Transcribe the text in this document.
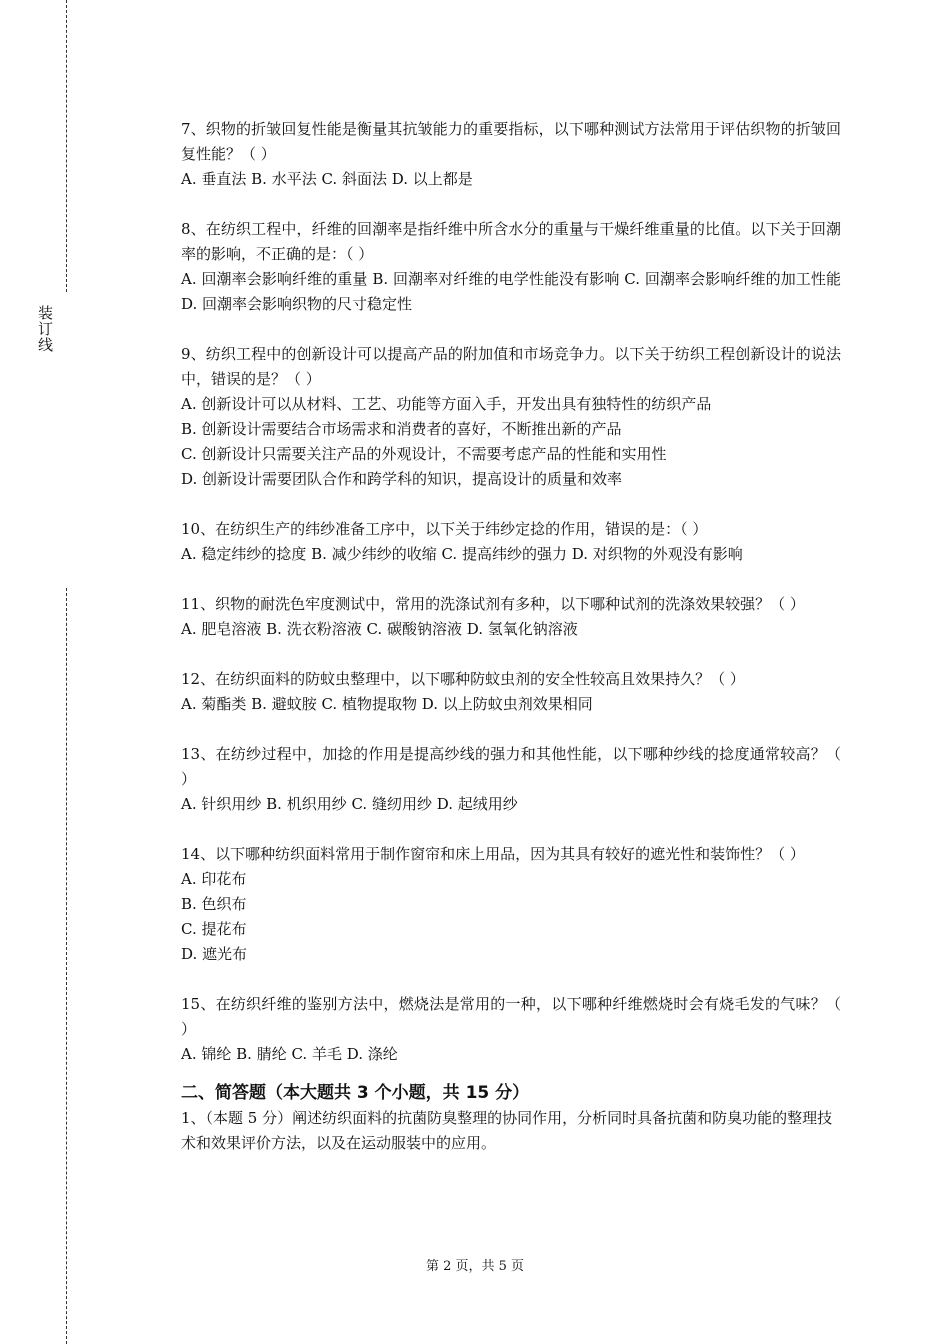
装订线

7、织物的折皱回复性能是衡量其抗皱能力的重要指标，以下哪种测试方法常用于评估织物的折皱回复性能？（ ）

A. 垂直法 B. 水平法 C. 斜面法 D. 以上都是

8、在纺织工程中，纤维的回潮率是指纤维中所含水分的重量与干燥纤维重量的比值。以下关于回潮率的影响，不正确的是：（ ）

A. 回潮率会影响纤维的重量 B. 回潮率对纤维的电学性能没有影响 C. 回潮率会影响纤维的加工性能 D. 回潮率会影响织物的尺寸稳定性

9、纺织工程中的创新设计可以提高产品的附加值和市场竞争力。以下关于纺织工程创新设计的说法中，错误的是？（ ）

A. 创新设计可以从材料、工艺、功能等方面入手，开发出具有独特性的纺织产品

B. 创新设计需要结合市场需求和消费者的喜好，不断推出新的产品

C. 创新设计只需要关注产品的外观设计，不需要考虑产品的性能和实用性

D. 创新设计需要团队合作和跨学科的知识，提高设计的质量和效率

10、在纺织生产的纬纱准备工序中，以下关于纬纱定捻的作用，错误的是：（ ）

A. 稳定纬纱的捻度 B. 减少纬纱的收缩 C. 提高纬纱的强力 D. 对织物的外观没有影响

11、织物的耐洗色牢度测试中，常用的洗涤试剂有多种，以下哪种试剂的洗涤效果较强？（ ）

A. 肥皂溶液 B. 洗衣粉溶液 C. 碳酸钠溶液 D. 氢氧化钠溶液

12、在纺织面料的防蚊虫整理中，以下哪种防蚊虫剂的安全性较高且效果持久？（ ）

A. 菊酯类 B. 避蚊胺 C. 植物提取物 D. 以上防蚊虫剂效果相同

13、在纺纱过程中，加捻的作用是提高纱线的强力和其他性能，以下哪种纱线的捻度通常较高？（ ）

A. 针织用纱 B. 机织用纱 C. 缝纫用纱 D. 起绒用纱

14、以下哪种纺织面料常用于制作窗帘和床上用品，因为其具有较好的遮光性和装饰性？（ ）

A. 印花布

B. 色织布

C. 提花布

D. 遮光布

15、在纺织纤维的鉴别方法中，燃烧法是常用的一种，以下哪种纤维燃烧时会有烧毛发的气味？（ ）

A. 锦纶 B. 腈纶 C. 羊毛 D. 涤纶

二、简答题（本大题共 3 个小题，共 15 分）

1、（本题 5 分）阐述纺织面料的抗菌防臭整理的协同作用，分析同时具备抗菌和防臭功能的整理技术和效果评价方法，以及在运动服装中的应用。

第 2 页，共 5 页
